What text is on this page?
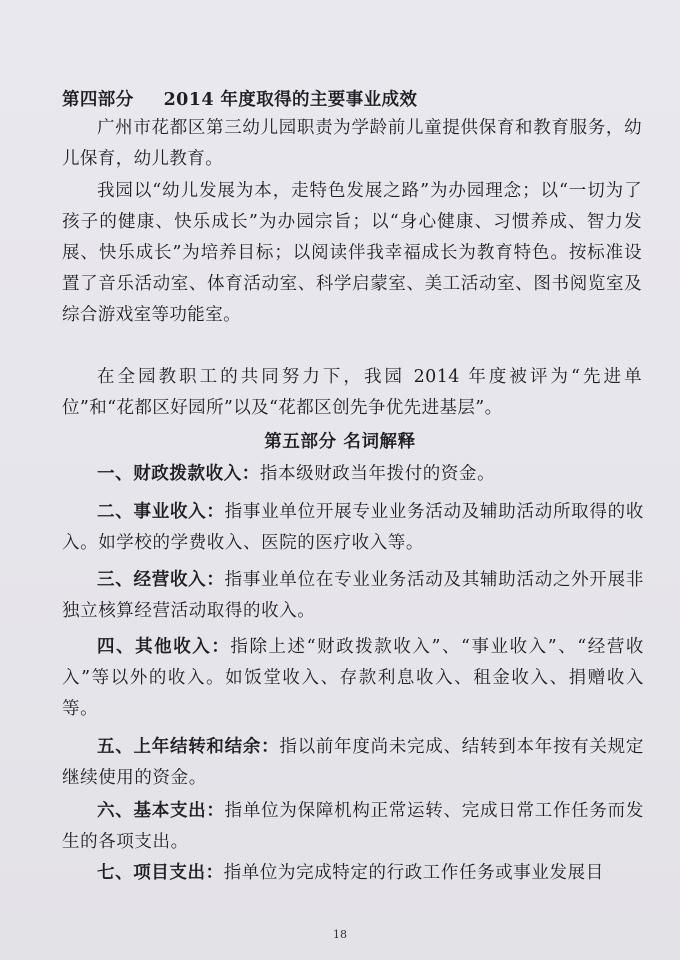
第四部分 2014 年度取得的主要事业成效

广州市花都区第三幼儿园职责为学龄前儿童提供保育和教育服务，幼儿保育，幼儿教育。

我园以“幼儿发展为本，走特色发展之路”为办园理念；以“一切为了孩子的健康、快乐成长”为办园宗旨；以“身心健康、习惯养成、智力发展、快乐成长”为培养目标；以阅读伴我幸福成长为教育特色。按标准设置了音乐活动室、体育活动室、科学启蒙室、美工活动室、图书阅览室及综合游戏室等功能室。

在全园教职工的共同努力下，我园 2014 年度被评为“先进单位”和“花都区好园所”以及“花都区创先争优先进基层”。

第五部分 名词解释

一、财政拨款收入：指本级财政当年拨付的资金。

二、事业收入：指事业单位开展专业业务活动及辅助活动所取得的收入。如学校的学费收入、医院的医疗收入等。

三、经营收入：指事业单位在专业业务活动及其辅助活动之外开展非独立核算经营活动取得的收入。

四、其他收入：指除上述“财政拨款收入”、“事业收入”、“经营收入”等以外的收入。如饭堂收入、存款利息收入、租金收入、捐赠收入等。

五、上年结转和结余：指以前年度尚未完成、结转到本年按有关规定继续使用的资金。

六、基本支出：指单位为保障机构正常运转、完成日常工作任务而发生的各项支出。

七、项目支出：指单位为完成特定的行政工作任务或事业发展目

18
